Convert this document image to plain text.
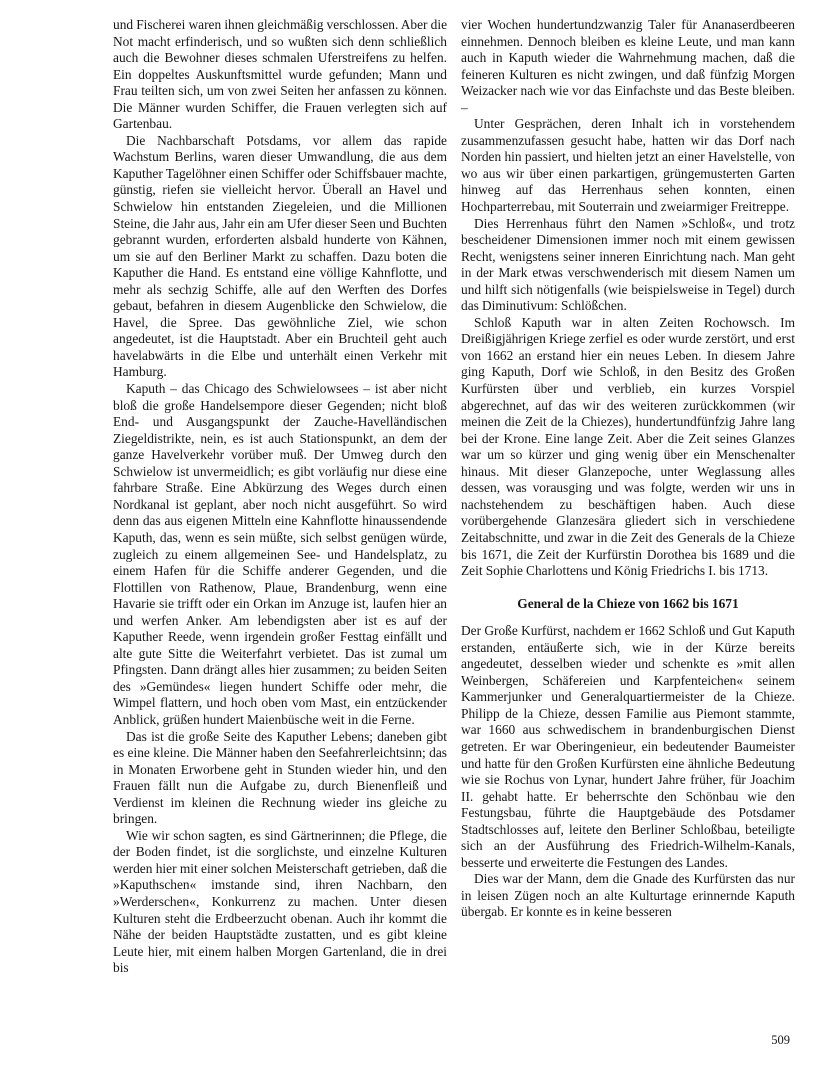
und Fischerei waren ihnen gleichmäßig verschlossen. Aber die Not macht erfinderisch, und so wußten sich denn schließlich auch die Bewohner dieses schmalen Uferstreifens zu helfen. Ein doppeltes Auskunftsmittel wurde gefunden; Mann und Frau teilten sich, um von zwei Seiten her anfassen zu können. Die Männer wurden Schiffer, die Frauen verlegten sich auf Gartenbau.

Die Nachbarschaft Potsdams, vor allem das rapide Wachstum Berlins, waren dieser Umwandlung, die aus dem Kaputher Tagelöhner einen Schiffer oder Schiffsbauer machte, günstig, riefen sie vielleicht hervor. Überall an Havel und Schwielow hin entstanden Ziegeleien, und die Millionen Steine, die Jahr aus, Jahr ein am Ufer dieser Seen und Buchten gebrannt wurden, erforderten alsbald hunderte von Kähnen, um sie auf den Berliner Markt zu schaffen. Dazu boten die Kaputher die Hand. Es entstand eine völlige Kahnflotte, und mehr als sechzig Schiffe, alle auf den Werften des Dorfes gebaut, befahren in diesem Augenblicke den Schwielow, die Havel, die Spree. Das gewöhnliche Ziel, wie schon angedeutet, ist die Hauptstadt. Aber ein Bruchteil geht auch havelabwärts in die Elbe und unterhält einen Verkehr mit Hamburg.

Kaputh – das Chicago des Schwielowsees – ist aber nicht bloß die große Handelsempore dieser Gegenden; nicht bloß End- und Ausgangspunkt der Zauche-Havelländischen Ziegeldistrikte, nein, es ist auch Stationspunkt, an dem der ganze Havelverkehr vorüber muß. Der Umweg durch den Schwielow ist unvermeidlich; es gibt vorläufig nur diese eine fahrbare Straße. Eine Abkürzung des Weges durch einen Nordkanal ist geplant, aber noch nicht ausgeführt. So wird denn das aus eigenen Mitteln eine Kahnflotte hinaussendende Kaputh, das, wenn es sein müßte, sich selbst genügen würde, zugleich zu einem allgemeinen See- und Handelsplatz, zu einem Hafen für die Schiffe anderer Gegenden, und die Flottillen von Rathenow, Plaue, Brandenburg, wenn eine Havarie sie trifft oder ein Orkan im Anzuge ist, laufen hier an und werfen Anker. Am lebendigsten aber ist es auf der Kaputher Reede, wenn irgendein großer Festtag einfällt und alte gute Sitte die Weiterfahrt verbietet. Das ist zumal um Pfingsten. Dann drängt alles hier zusammen; zu beiden Seiten des »Gemündes« liegen hundert Schiffe oder mehr, die Wimpel flattern, und hoch oben vom Mast, ein entzückender Anblick, grüßen hundert Maienbüsche weit in die Ferne.

Das ist die große Seite des Kaputher Lebens; daneben gibt es eine kleine. Die Männer haben den Seefahrerleichtsinn; das in Monaten Erworbene geht in Stunden wieder hin, und den Frauen fällt nun die Aufgabe zu, durch Bienenfleiß und Verdienst im kleinen die Rechnung wieder ins gleiche zu bringen.

Wie wir schon sagten, es sind Gärtnerinnen; die Pflege, die der Boden findet, ist die sorglichste, und einzelne Kulturen werden hier mit einer solchen Meisterschaft getrieben, daß die »Kaputhschen« imstande sind, ihren Nachbarn, den »Werderschen«, Konkurrenz zu machen. Unter diesen Kulturen steht die Erdbeerzucht obenan. Auch ihr kommt die Nähe der beiden Hauptstädte zustatten, und es gibt kleine Leute hier, mit einem halben Morgen Gartenland, die in drei bis

vier Wochen hundertundzwanzig Taler für Ananaserdbeeren einnehmen. Dennoch bleiben es kleine Leute, und man kann auch in Kaputh wieder die Wahrnehmung machen, daß die feineren Kulturen es nicht zwingen, und daß fünfzig Morgen Weizacker nach wie vor das Einfachste und das Beste bleiben. –

Unter Gesprächen, deren Inhalt ich in vorstehendem zusammenzufassen gesucht habe, hatten wir das Dorf nach Norden hin passiert, und hielten jetzt an einer Havelstelle, von wo aus wir über einen parkartigen, grüngemusterten Garten hinweg auf das Herrenhaus sehen konnten, einen Hochparterrebau, mit Souterrain und zweiarmiger Freitreppe.

Dies Herrenhaus führt den Namen »Schloß«, und trotz bescheidener Dimensionen immer noch mit einem gewissen Recht, wenigstens seiner inneren Einrichtung nach. Man geht in der Mark etwas verschwenderisch mit diesem Namen um und hilft sich nötigenfalls (wie beispielsweise in Tegel) durch das Diminutivum: Schlößchen.

Schloß Kaputh war in alten Zeiten Rochowsch. Im Dreißigjährigen Kriege zerfiel es oder wurde zerstört, und erst von 1662 an erstand hier ein neues Leben. In diesem Jahre ging Kaputh, Dorf wie Schloß, in den Besitz des Großen Kurfürsten über und verblieb, ein kurzes Vorspiel abgerechnet, auf das wir des weiteren zurückkommen (wir meinen die Zeit de la Chiezes), hundertundfünfzig Jahre lang bei der Krone. Eine lange Zeit. Aber die Zeit seines Glanzes war um so kürzer und ging wenig über ein Menschenalter hinaus. Mit dieser Glanzepoche, unter Weglassung alles dessen, was vorausging und was folgte, werden wir uns in nachstehendem zu beschäftigen haben. Auch diese vorübergehende Glanzesära gliedert sich in verschiedene Zeitabschnitte, und zwar in die Zeit des Generals de la Chieze bis 1671, die Zeit der Kurfürstin Dorothea bis 1689 und die Zeit Sophie Charlottens und König Friedrichs I. bis 1713.

General de la Chieze von 1662 bis 1671

Der Große Kurfürst, nachdem er 1662 Schloß und Gut Kaputh erstanden, entäußerte sich, wie in der Kürze bereits angedeutet, desselben wieder und schenkte es »mit allen Weinbergen, Schäfereien und Karpfenteichen« seinem Kammerjunker und Generalquartiermeister de la Chieze. Philipp de la Chieze, dessen Familie aus Piemont stammte, war 1660 aus schwedischem in brandenburgischen Dienst getreten. Er war Oberingenieur, ein bedeutender Baumeister und hatte für den Großen Kurfürsten eine ähnliche Bedeutung wie sie Rochus von Lynar, hundert Jahre früher, für Joachim II. gehabt hatte. Er beherrschte den Schönbau wie den Festungsbau, führte die Hauptgebäude des Potsdamer Stadtschlosses auf, leitete den Berliner Schloßbau, beteiligte sich an der Ausführung des Friedrich-Wilhelm-Kanals, besserte und erweiterte die Festungen des Landes.

Dies war der Mann, dem die Gnade des Kurfürsten das nur in leisen Zügen noch an alte Kulturtage erinnernde Kaputh übergab. Er konnte es in keine besseren

509
